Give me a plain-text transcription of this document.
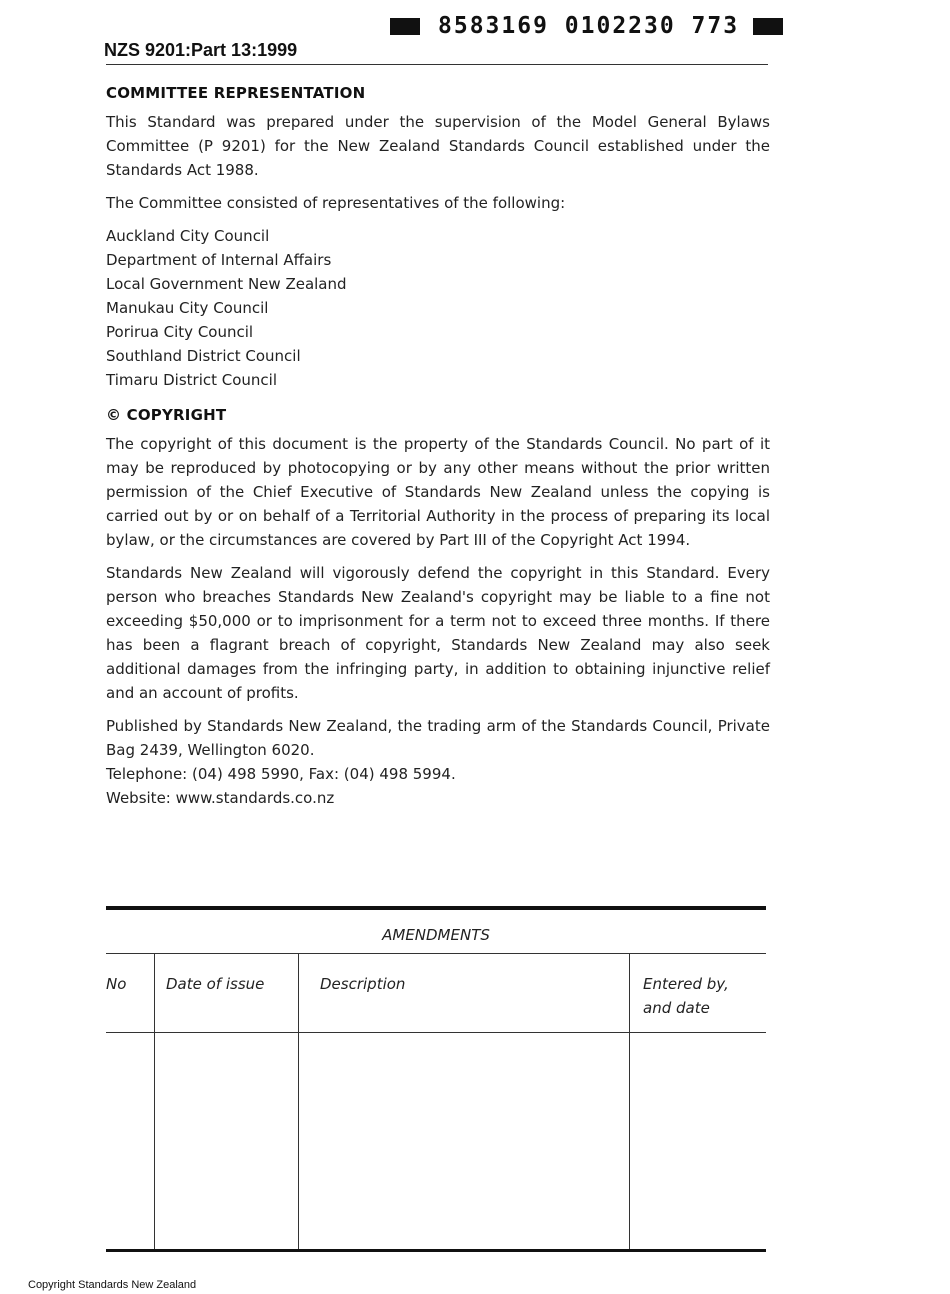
NZS 9201:Part 13:1999
8583169 0102230 773
COMMITTEE REPRESENTATION

This Standard was prepared under the supervision of the Model General Bylaws Committee (P 9201) for the New Zealand Standards Council established under the Standards Act 1988.

The Committee consisted of representatives of the following:

Auckland City Council
Department of Internal Affairs
Local Government New Zealand
Manukau City Council
Porirua City Council
Southland District Council
Timaru District Council
© COPYRIGHT

The copyright of this document is the property of the Standards Council. No part of it may be reproduced by photocopying or by any other means without the prior written permission of the Chief Executive of Standards New Zealand unless the copying is carried out by or on behalf of a Territorial Authority in the process of preparing its local bylaw, or the circumstances are covered by Part III of the Copyright Act 1994.

Standards New Zealand will vigorously defend the copyright in this Standard. Every person who breaches Standards New Zealand's copyright may be liable to a fine not exceeding $50,000 or to imprisonment for a term not to exceed three months. If there has been a flagrant breach of copyright, Standards New Zealand may also seek additional damages from the infringing party, in addition to obtaining injunctive relief and an account of profits.

Published by Standards New Zealand, the trading arm of the Standards Council, Private Bag 2439, Wellington 6020.

Telephone: (04) 498 5990, Fax: (04) 498 5994.

Website: www.standards.co.nz

AMENDMENTS
No	Date of issue	Description	Entered by, and date
Copyright Standards New Zealand
